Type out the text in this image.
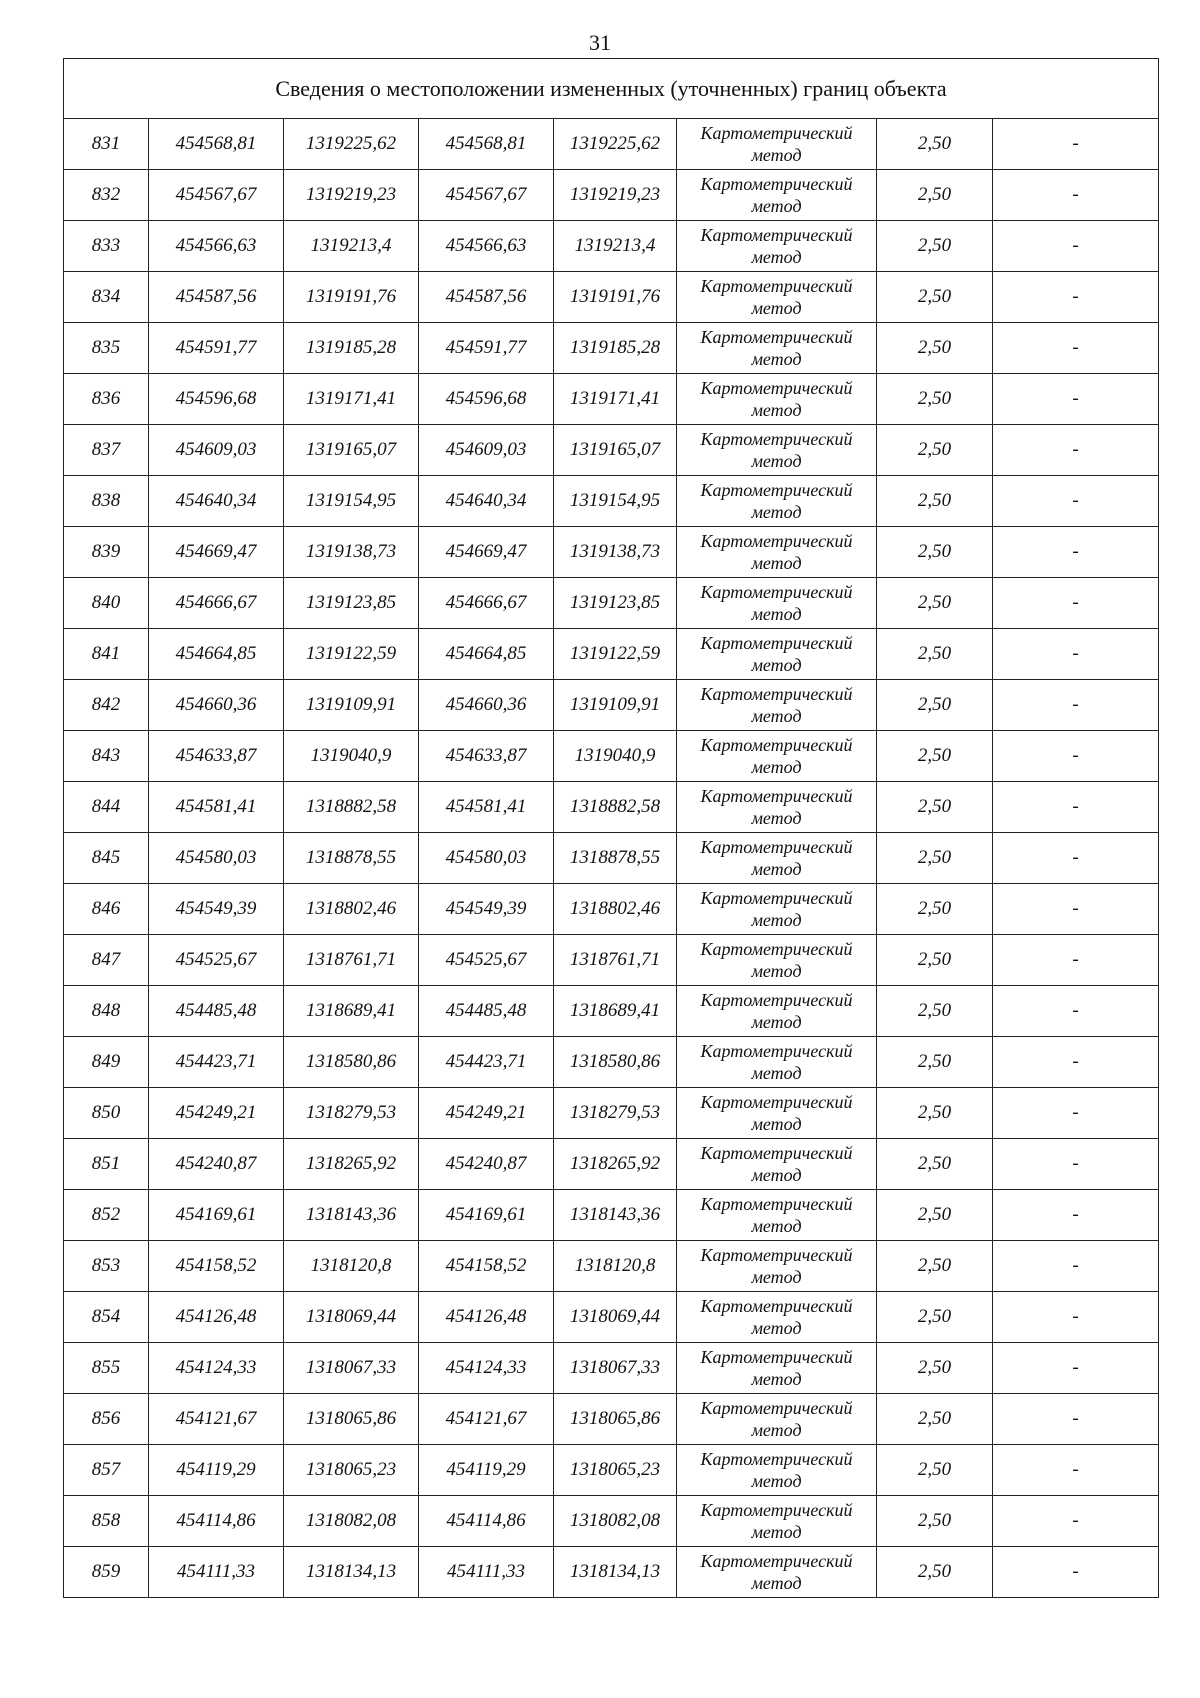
31
Сведения о местоположении измененных (уточненных) границ объекта							
831	454568,81	1319225,62	454568,81	1319225,62	Картометрический
метод	2,50	-
832	454567,67	1319219,23	454567,67	1319219,23	Картометрический
метод	2,50	-
833	454566,63	1319213,4	454566,63	1319213,4	Картометрический
метод	2,50	-
834	454587,56	1319191,76	454587,56	1319191,76	Картометрический
метод	2,50	-
835	454591,77	1319185,28	454591,77	1319185,28	Картометрический
метод	2,50	-
836	454596,68	1319171,41	454596,68	1319171,41	Картометрический
метод	2,50	-
837	454609,03	1319165,07	454609,03	1319165,07	Картометрический
метод	2,50	-
838	454640,34	1319154,95	454640,34	1319154,95	Картометрический
метод	2,50	-
839	454669,47	1319138,73	454669,47	1319138,73	Картометрический
метод	2,50	-
840	454666,67	1319123,85	454666,67	1319123,85	Картометрический
метод	2,50	-
841	454664,85	1319122,59	454664,85	1319122,59	Картометрический
метод	2,50	-
842	454660,36	1319109,91	454660,36	1319109,91	Картометрический
метод	2,50	-
843	454633,87	1319040,9	454633,87	1319040,9	Картометрический
метод	2,50	-
844	454581,41	1318882,58	454581,41	1318882,58	Картометрический
метод	2,50	-
845	454580,03	1318878,55	454580,03	1318878,55	Картометрический
метод	2,50	-
846	454549,39	1318802,46	454549,39	1318802,46	Картометрический
метод	2,50	-
847	454525,67	1318761,71	454525,67	1318761,71	Картометрический
метод	2,50	-
848	454485,48	1318689,41	454485,48	1318689,41	Картометрический
метод	2,50	-
849	454423,71	1318580,86	454423,71	1318580,86	Картометрический
метод	2,50	-
850	454249,21	1318279,53	454249,21	1318279,53	Картометрический
метод	2,50	-
851	454240,87	1318265,92	454240,87	1318265,92	Картометрический
метод	2,50	-
852	454169,61	1318143,36	454169,61	1318143,36	Картометрический
метод	2,50	-
853	454158,52	1318120,8	454158,52	1318120,8	Картометрический
метод	2,50	-
854	454126,48	1318069,44	454126,48	1318069,44	Картометрический
метод	2,50	-
855	454124,33	1318067,33	454124,33	1318067,33	Картометрический
метод	2,50	-
856	454121,67	1318065,86	454121,67	1318065,86	Картометрический
метод	2,50	-
857	454119,29	1318065,23	454119,29	1318065,23	Картометрический
метод	2,50	-
858	454114,86	1318082,08	454114,86	1318082,08	Картометрический
метод	2,50	-
859	454111,33	1318134,13	454111,33	1318134,13	Картометрический
метод	2,50	-
